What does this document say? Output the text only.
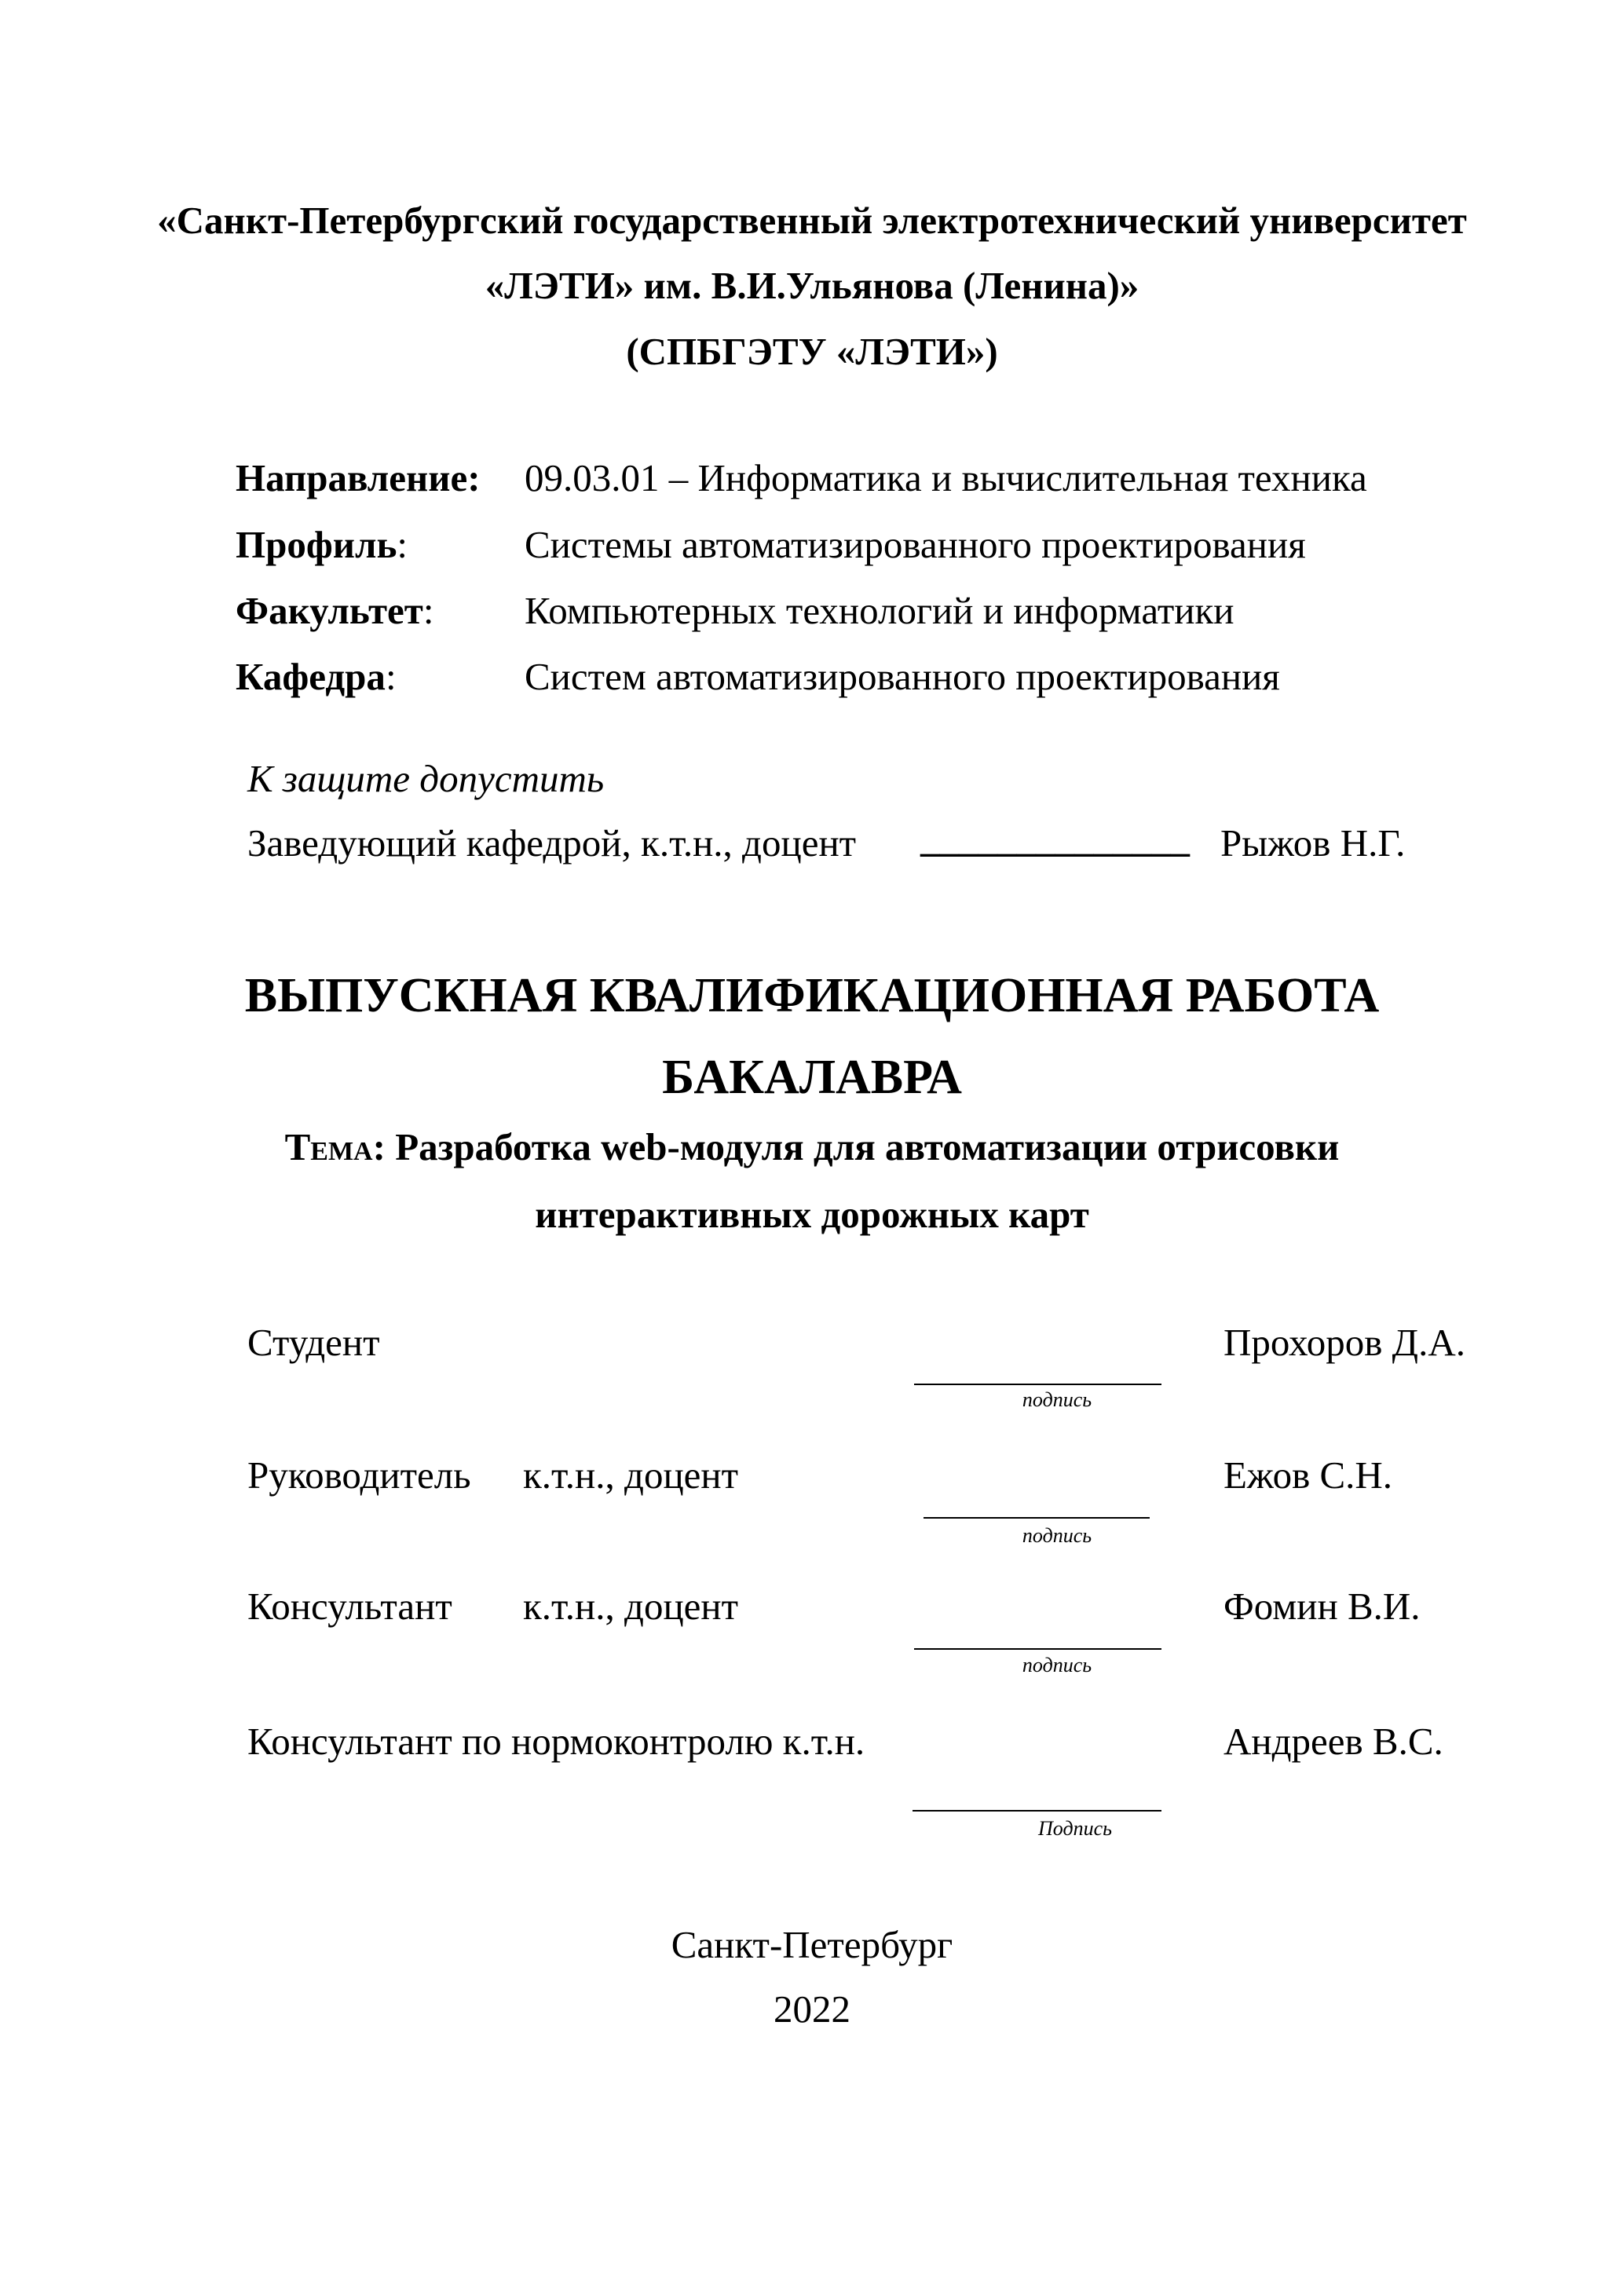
«Санкт-Петербургский государственный электротехнический университет
«ЛЭТИ» им. В.И.Ульянова (Ленина)»
(СПБГЭТУ «ЛЭТИ»)
Направление: 09.03.01 – Информатика и вычислительная техника
Профиль:	Системы автоматизированного проектирования
Факультет: Компьютерных технологий и информатики
Кафедра:	Систем автоматизированного проектирования
К защите допустить
Заведующий кафедрой, к.т.н., доцент ______________ Рыжов Н.Г.
ВЫПУСКНАЯ КВАЛИФИКАЦИОННАЯ РАБОТА
БАКАЛАВРА
Тема: Разработка web-модуля для автоматизации отрисовки
интерактивных дорожных карт
Студент	Прохоров Д.А.
подпись
Руководитель к.т.н., доцент	Ежов С.Н.
подпись
Консультант к.т.н., доцент	Фомин В.И.
подпись
Консультант по нормоконтролю к.т.н.	Андреев В.С.
Подпись
Санкт-Петербург
2022
